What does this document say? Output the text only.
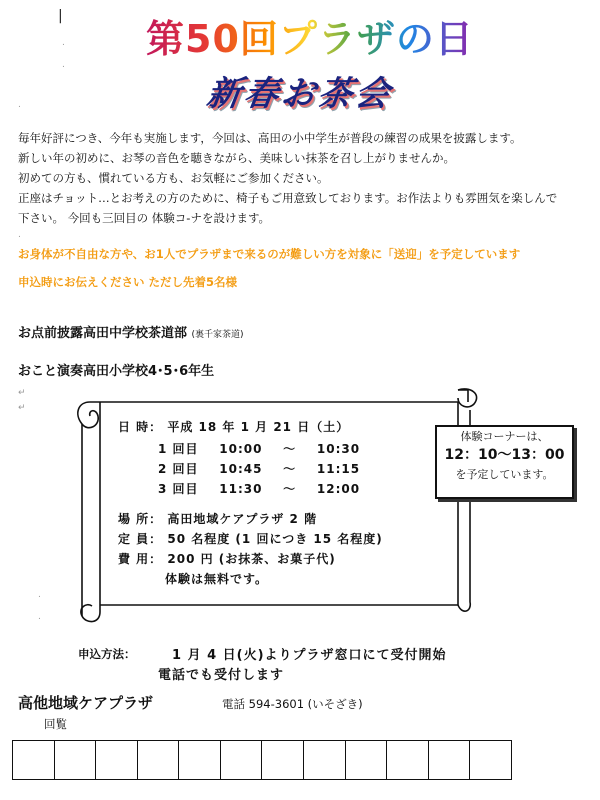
|
.
.
.
.
↵
↵
.
.
第50回プラザの日
新春お茶会
毎年好評につき、今年も実施します，今回は、高田の小中学生が普段の練習の成果を披露します。
新しい年の初めに、お琴の音色を聴きながら、美味しい抹茶を召し上がりませんか。
初めての方も、慣れている方も、お気軽にご参加ください。
正座はチョット…とお考えの方のために、椅子もご用意致しております。お作法よりも雰囲気を楽しんで
下さい。 今回も三回目の 体験コ-ナを設けます。
お身体が不自由な方や、お1人でプラザまで来るのが難しい方を対象に「送迎」を予定しています
申込時にお伝えください ただし先着5名様
お点前披露高田中学校茶道部 (裏千家茶道)
おこと演奏高田小学校4･5･6年生
日 時： 平成 18 年 1 月 21 日（土）
1 回目 10:00 ～ 10:30
2 回目 10:45 ～ 11:15
3 回目 11:30 ～ 12:00
場 所： 高田地域ケアプラザ 2 階
定 員： 50 名程度 (1 回につき 15 名程度)
費 用： 200 円 (お抹茶、お菓子代)
体験は無料です。
体験コーナーは、
12：10～13：00
を予定しています。
申込方法：	1 月 4 日(火)よりプラザ窓口にて受付開始
電話でも受付します
高他地域ケアプラザ	電話 594-3601 (いそざき)
回覧
